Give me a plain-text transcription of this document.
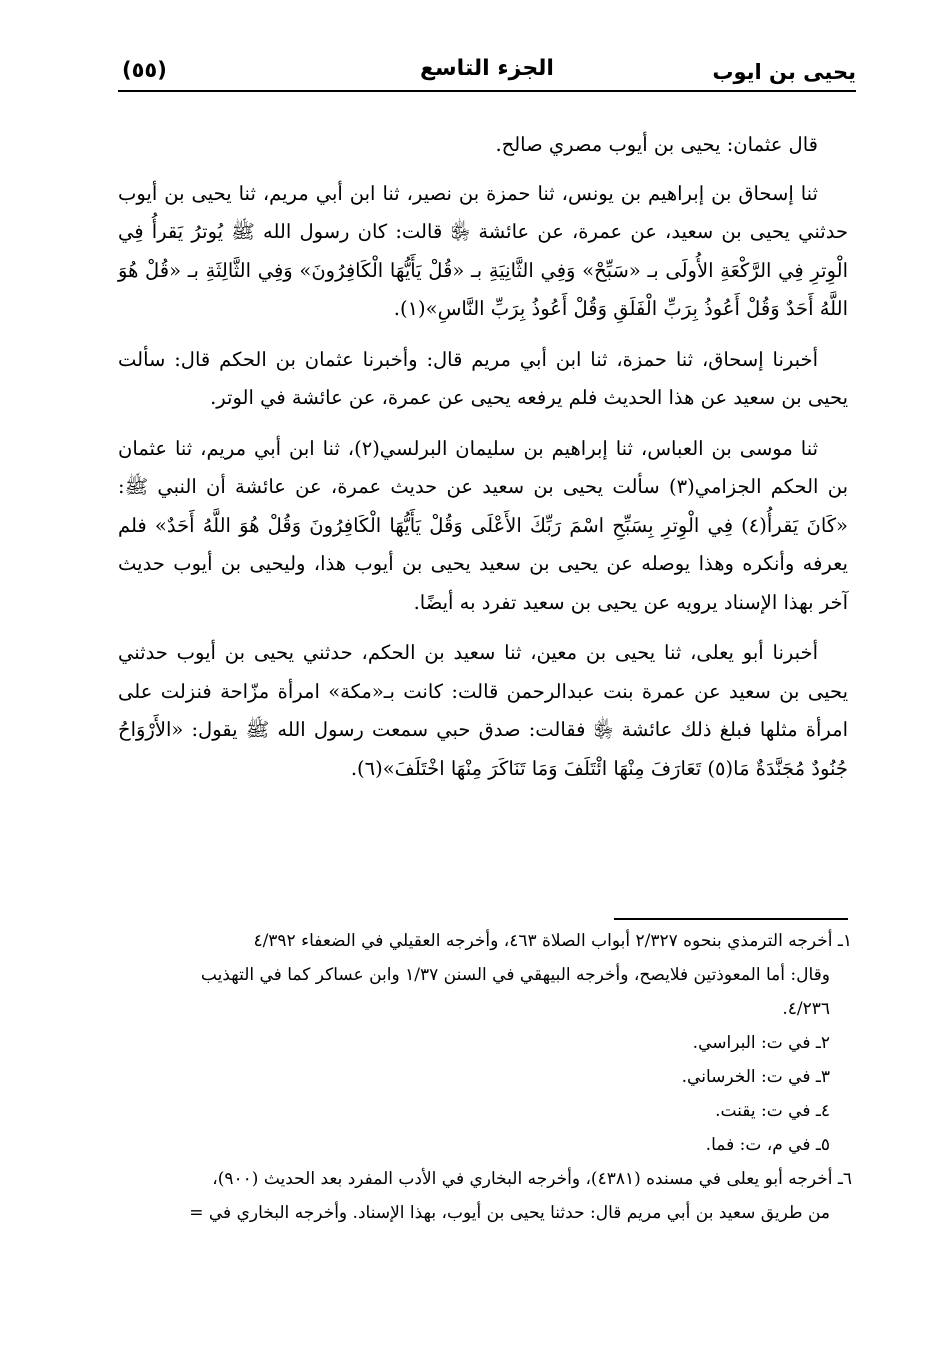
يحيى بن ايوب
الجزء التاسع
(٥٥)

قال عثمان: يحيى بن أيوب مصري صالح.

ثنا إسحاق بن إبراهيم بن يونس، ثنا حمزة بن نصير، ثنا ابن أبي مريم، ثنا يحيى بن أيوب حدثني يحيى بن سعيد، عن عمرة، عن عائشة ﵂ قالت: كان رسول الله ﷺ يُوترُ يَقرأُ فِي الْوِترِ فِي الرَّكْعَةِ الأُولَى بـ «سَبِّحْ» وَفِي الثَّانِيَةِ بـ «قُلْ يَأَيُّهَا الْكَافِرُونَ» وَفِي الثَّالِثَةِ بـ «قُلْ هُوَ اللَّهُ أَحَدٌ وَقُلْ أَعُوذُ بِرَبِّ الْفَلَقِ وَقُلْ أَعُوذُ بِرَبِّ النَّاسِ»(١).

أخبرنا إسحاق، ثنا حمزة، ثنا ابن أبي مريم قال: وأخبرنا عثمان بن الحكم قال: سألت يحيى بن سعيد عن هذا الحديث فلم يرفعه يحيى عن عمرة، عن عائشة في الوتر.

ثنا موسى بن العباس، ثنا إبراهيم بن سليمان البرلسي(٢)، ثنا ابن أبي مريم، ثنا عثمان بن الحكم الجزامي(٣) سألت يحيى بن سعيد عن حديث عمرة، عن عائشة أن النبي ﷺ: «كَانَ يَقرأُ(٤) فِي الْوِترِ بِسَبِّحِ اسْمَ رَبِّكَ الأَعْلَى وَقُلْ يَأَيُّهَا الْكَافِرُونَ وَقُلْ هُوَ اللَّهُ أَحَدٌ» فلم يعرفه وأنكره وهذا يوصله عن يحيى بن سعيد يحيى بن أيوب هذا، وليحيى بن أيوب حديث آخر بهذا الإسناد يرويه عن يحيى بن سعيد تفرد به أيضًا.

أخبرنا أبو يعلى، ثنا يحيى بن معين، ثنا سعيد بن الحكم، حدثني يحيى بن أيوب حدثني يحيى بن سعيد عن عمرة بنت عبدالرحمن قالت: كانت بـ«مكة» امرأة مزّاحة فنزلت على امرأة مثلها فبلغ ذلك عائشة ﵂ فقالت: صدق حبي سمعت رسول الله ﷺ يقول: «الأَرْوَاحُ جُنُودٌ مُجَنَّدَةٌ مَا(٥) تَعَارَفَ مِنْهَا ائْتَلَفَ وَمَا تَنَاكَرَ مِنْهَا اخْتَلَفَ»(٦).

١ـ أخرجه الترمذي بنحوه ٢/٣٢٧ أبواب الصلاة ٤٦٣، وأخرجه العقيلي في الضعفاء ٤/٣٩٢

وقال: أما المعوذتين فلايصح، وأخرجه البيهقي في السنن ١/٣٧ وابن عساكر كما في التهذيب

٤/٢٣٦.

٢ـ في ت: البراسي.

٣ـ في ت: الخرساني.

٤ـ في ت: يقنت.

٥ـ في م، ت: فما.

٦ـ أخرجه أبو يعلى في مسنده (٤٣٨١)، وأخرجه البخاري في الأدب المفرد بعد الحديث (٩٠٠)،

من طريق سعيد بن أبي مريم قال: حدثنا يحيى بن أيوب، بهذا الإسناد. وأخرجه البخاري في =
